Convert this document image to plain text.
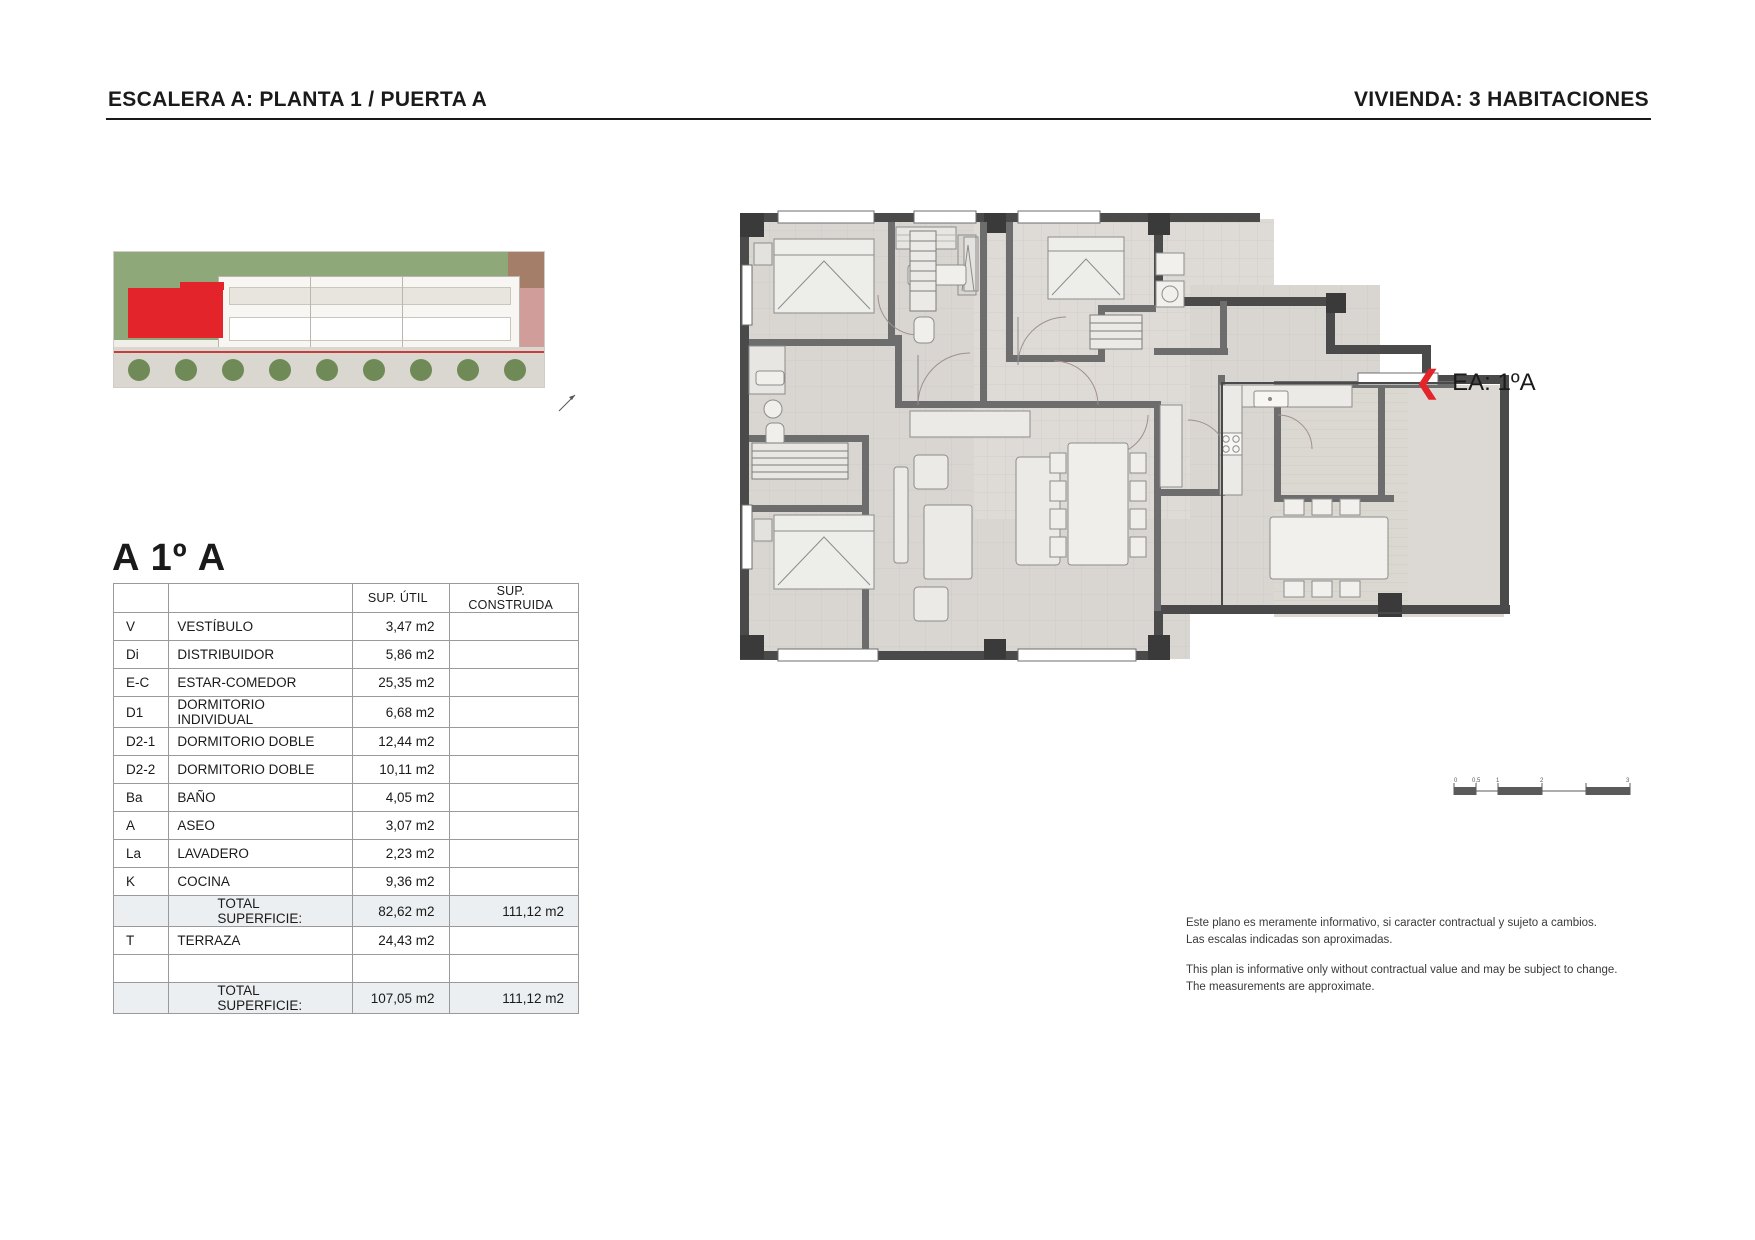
ESCALERA A: PLANTA 1 / PUERTA A	VIVIENDA: 3 HABITACIONES
A 1º A
		SUP. ÚTIL	SUP. CONSTRUIDA
V	VESTÍBULO	3,47 m2	
Di	DISTRIBUIDOR	5,86 m2	
E-C	ESTAR-COMEDOR	25,35 m2	
D1	DORMITORIO INDIVIDUAL	6,68 m2	
D2-1	DORMITORIO DOBLE	12,44 m2	
D2-2	DORMITORIO DOBLE	10,11 m2	
Ba	BAÑO	4,05 m2	
A	ASEO	3,07 m2	
La	LAVADERO	2,23 m2	
K	COCINA	9,36 m2	
	TOTAL SUPERFICIE:	82,62 m2	111,12 m2
T	TERRAZA	24,43 m2	

	TOTAL SUPERFICIE:	107,05 m2	111,12 m2
❮ EA: 1ºA
0 0,5	1	2	3

Este plano es meramente informativo, si caracter contractual y sujeto a cambios.
Las escalas indicadas son aproximadas.

This plan is informative only without contractual value and may be subject to change.
The measurements are approximate.
